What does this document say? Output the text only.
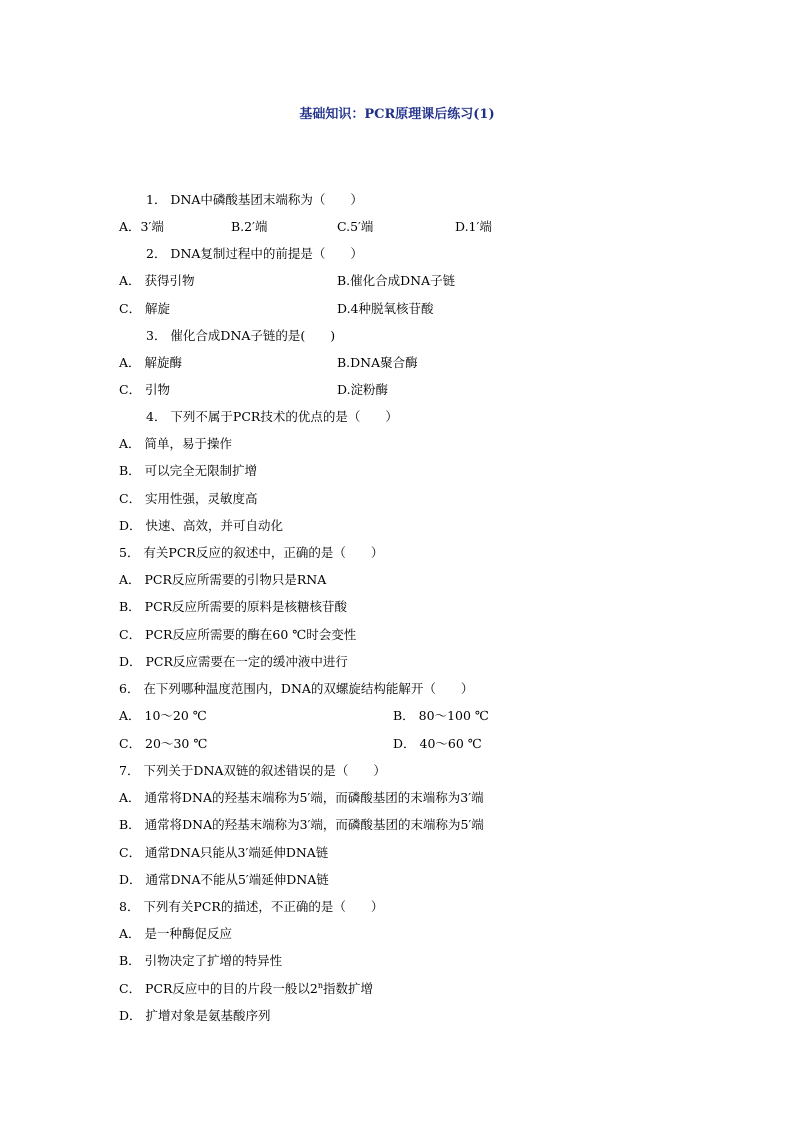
基础知识：PCR原理课后练习(1)
1． DNA中磷酸基团末端称为（　　）
A．3′端	B.2′端	C.5′端	D.1′端
2． DNA复制过程中的前提是（　　）
A． 获得引物	B.催化合成DNA子链
C． 解旋	D.4种脱氧核苷酸
3． 催化合成DNA子链的是(　　)
A． 解旋酶	B.DNA聚合酶
C． 引物	D.淀粉酶
4． 下列不属于PCR技术的优点的是（　　）
A． 简单，易于操作
B． 可以完全无限制扩增
C． 实用性强，灵敏度高
D． 快速、高效，并可自动化
5． 有关PCR反应的叙述中，正确的是（　　）
A． PCR反应所需要的引物只是RNA
B． PCR反应所需要的原料是核糖核苷酸
C． PCR反应所需要的酶在60 ℃时会变性
D． PCR反应需要在一定的缓冲液中进行
6． 在下列哪种温度范围内，DNA的双螺旋结构能解开（　　）
A． 10～20 ℃	B． 80～100 ℃
C． 20～30 ℃	D． 40～60 ℃
7． 下列关于DNA双链的叙述错误的是（　　）
A． 通常将DNA的羟基末端称为5′端，而磷酸基团的末端称为3′端
B． 通常将DNA的羟基末端称为3′端，而磷酸基团的末端称为5′端
C． 通常DNA只能从3′端延伸DNA链
D． 通常DNA不能从5′端延伸DNA链
8． 下列有关PCR的描述，不正确的是（　　）
A． 是一种酶促反应
B． 引物决定了扩增的特异性
C． PCR反应中的目的片段一般以2$^n$指数扩增
D． 扩增对象是氨基酸序列
